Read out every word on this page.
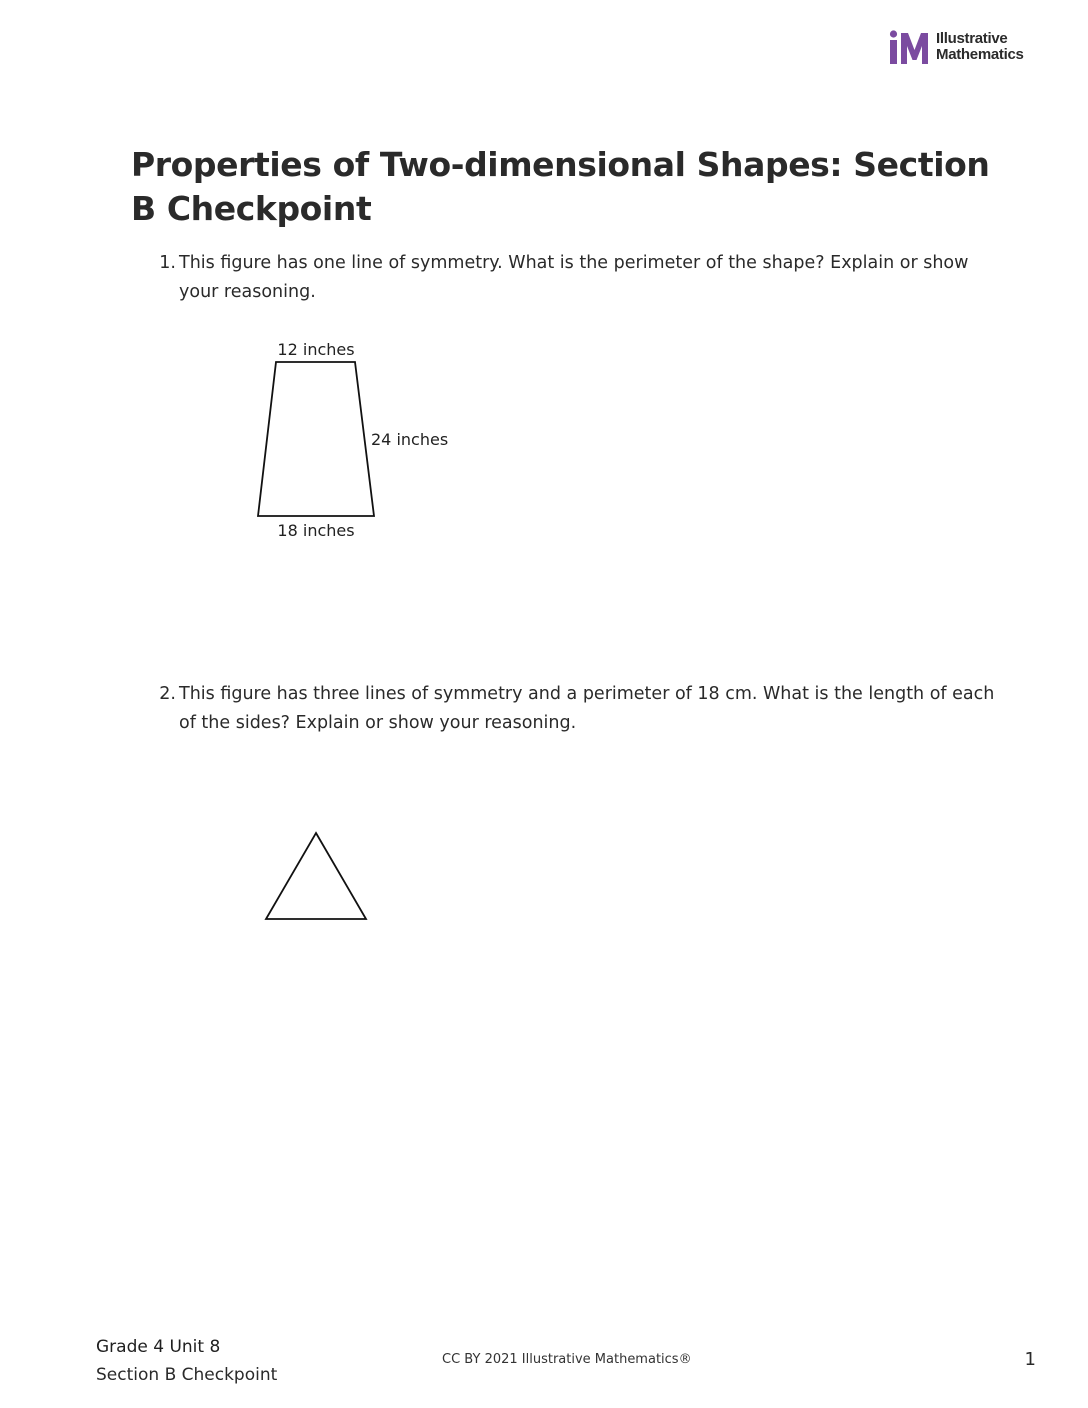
Illustrative
Mathematics
Properties of Two-dimensional Shapes: Section B Checkpoint
1. This figure has one line of symmetry. What is the perimeter of the shape? Explain or show your reasoning.
12 inches
24 inches
18 inches
2. This figure has three lines of symmetry and a perimeter of 18 cm. What is the length of each of the sides? Explain or show your reasoning.
Grade 4 Unit 8
Section B Checkpoint
CC BY 2021 Illustrative Mathematics®	1
